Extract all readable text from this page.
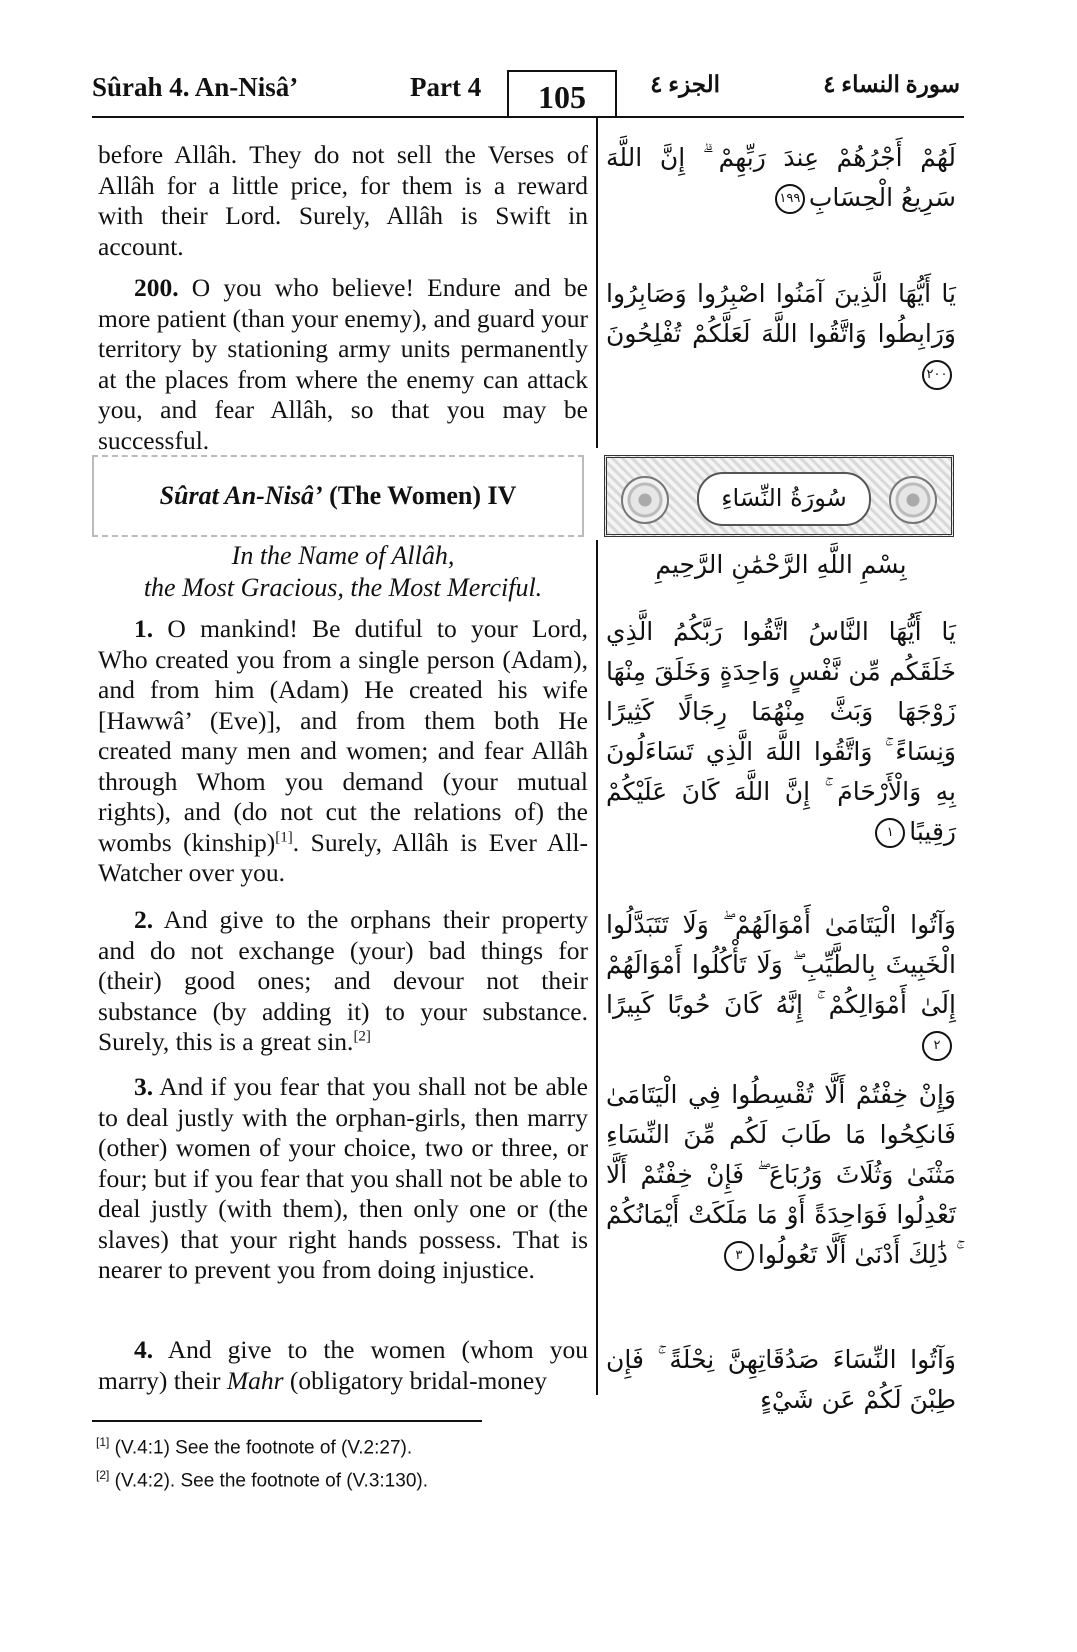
Sûrah 4. An-Nisâ’	Part 4	105	الجزء ٤	سورة النساء ٤
before Allâh. They do not sell the Verses of Allâh for a little price, for them is a reward with their Lord. Surely, Allâh is Swift in account.
لَهُمْ أَجْرُهُمْ عِندَ رَبِّهِمْ ۗ إِنَّ اللَّهَ سَرِيعُ الْحِسَابِ١٩٩
200. O you who believe! Endure and be more patient (than your enemy), and guard your territory by stationing army units permanently at the places from where the enemy can attack you, and fear Allâh, so that you may be successful.
يَا أَيُّهَا الَّذِينَ آمَنُوا اصْبِرُوا وَصَابِرُوا وَرَابِطُوا وَاتَّقُوا اللَّهَ لَعَلَّكُمْ تُفْلِحُونَ٢٠٠
Sûrat An-Nisâ’ (The Women) IV	سُورَةُ النِّسَاءِ
In the Name of Allâh,
the Most Gracious, the Most Merciful.
بِسْمِ اللَّهِ الرَّحْمَٰنِ الرَّحِيمِ
1. O mankind! Be dutiful to your Lord, Who created you from a single person (Adam), and from him (Adam) He created his wife [Hawwâ’ (Eve)], and from them both He created many men and women; and fear Allâh through Whom you demand (your mutual rights), and (do not cut the relations of) the wombs (kinship)[1]. Surely, Allâh is Ever All- Watcher over you.
يَا أَيُّهَا النَّاسُ اتَّقُوا رَبَّكُمُ الَّذِي خَلَقَكُم مِّن نَّفْسٍ وَاحِدَةٍ وَخَلَقَ مِنْهَا زَوْجَهَا وَبَثَّ مِنْهُمَا رِجَالًا كَثِيرًا وَنِسَاءً ۚ وَاتَّقُوا اللَّهَ الَّذِي تَسَاءَلُونَ بِهِ وَالْأَرْحَامَ ۚ إِنَّ اللَّهَ كَانَ عَلَيْكُمْ رَقِيبًا١
2. And give to the orphans their property and do not exchange (your) bad things for (their) good ones; and devour not their substance (by adding it) to your substance. Surely, this is a great sin.[2]
وَآتُوا الْيَتَامَىٰ أَمْوَالَهُمْ ۖ وَلَا تَتَبَدَّلُوا الْخَبِيثَ بِالطَّيِّبِ ۖ وَلَا تَأْكُلُوا أَمْوَالَهُمْ إِلَىٰ أَمْوَالِكُمْ ۚ إِنَّهُ كَانَ حُوبًا كَبِيرًا٢
3. And if you fear that you shall not be able to deal justly with the orphan-girls, then marry (other) women of your choice, two or three, or four; but if you fear that you shall not be able to deal justly (with them), then only one or (the slaves) that your right hands possess. That is nearer to prevent you from doing injustice.
وَإِنْ خِفْتُمْ أَلَّا تُقْسِطُوا فِي الْيَتَامَىٰ فَانكِحُوا مَا طَابَ لَكُم مِّنَ النِّسَاءِ مَثْنَىٰ وَثُلَاثَ وَرُبَاعَ ۖ فَإِنْ خِفْتُمْ أَلَّا تَعْدِلُوا فَوَاحِدَةً أَوْ مَا مَلَكَتْ أَيْمَانُكُمْ ۚ ذَٰلِكَ أَدْنَىٰ أَلَّا تَعُولُوا٣
4. And give to the women (whom you marry) their Mahr (obligatory bridal-money
وَآتُوا النِّسَاءَ صَدُقَاتِهِنَّ نِحْلَةً ۚ فَإِن طِبْنَ لَكُمْ عَن شَيْءٍ
[1] (V.4:1) See the footnote of (V.2:27).
[2] (V.4:2). See the footnote of (V.3:130).
